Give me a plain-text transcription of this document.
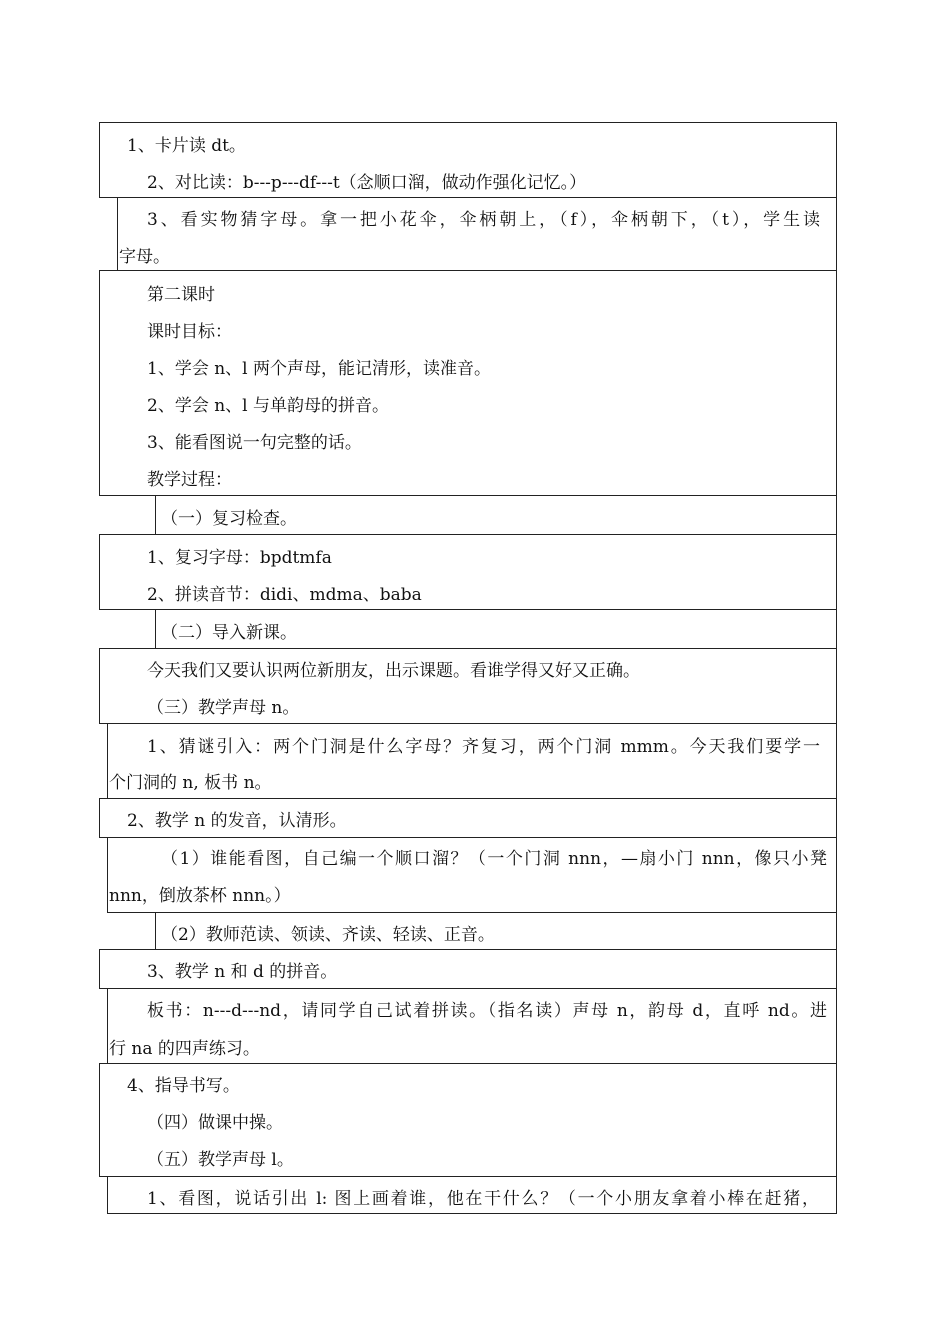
1、卡片读 dt。
2、对比读：b---p---df---t（念顺口溜，做动作强化记忆。）
3、看实物猜字母。拿一把小花伞，伞柄朝上，（f），伞柄朝下，（t），学生读
字母。
第二课时
课时目标：
1、学会 n、l 两个声母，能记清形，读准音。
2、学会 n、l 与单韵母的拼音。
3、能看图说一句完整的话。
教学过程：
（一）复习检查。
1、复习字母：bpdtmfa
2、拼读音节：didi、mdma、baba
（二）导入新课。
今天我们又要认识两位新朋友，出示课题。看谁学得又好又正确。
（三）教学声母 n。
1、猜谜引入：两个门洞是什么字母？齐复习，两个门洞 mmm。今天我们要学一
个门洞的 n, 板书 n。
2、教学 n 的发音，认清形。
（1）谁能看图，自己编一个顺口溜？（一个门洞 nnn，—扇小门 nnn，像只小凳
nnn，倒放茶杯 nnn。）
（2）教师范读、领读、齐读、轻读、正音。
3、教学 n 和 d 的拼音。
板书：n---d---nd，请同学自己试着拼读。（指名读）声母 n，韵母 d，直呼 nd。进
行 na 的四声练习。
4、指导书写。
（四）做课中操。
（五）教学声母 l。
1、看图，说话引出 l: 图上画着谁，他在干什么？（一个小朋友拿着小棒在赶猪，
